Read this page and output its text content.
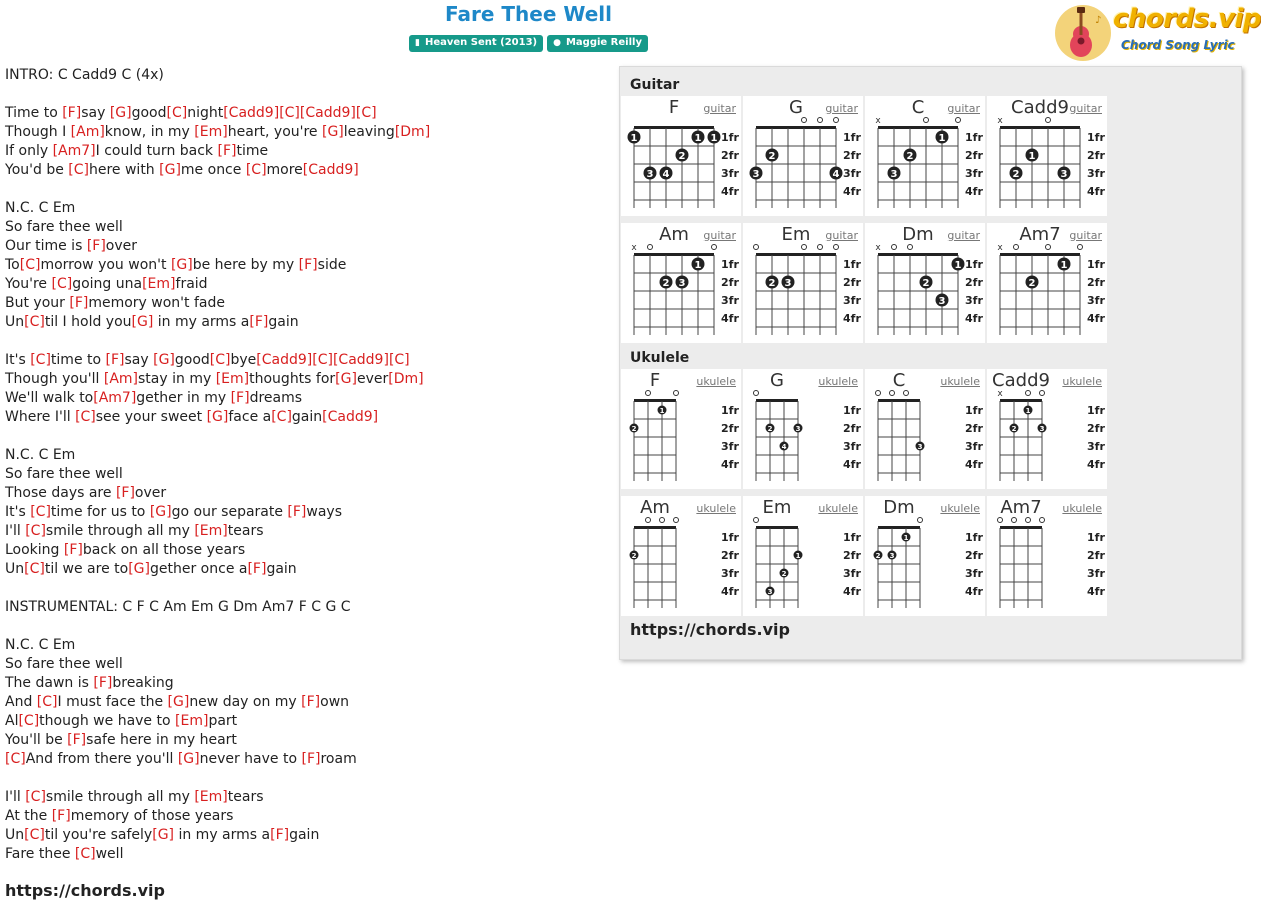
Fare Thee Well
▮ Heaven Sent (2013) ● Maggie Reilly
♪ chords.vip
Chord Song Lyric
INTRO: C Cadd9 C (4x)
Time to [F]say [G]good[C]night[Cadd9][C][Cadd9][C]
Though I [Am]know, in my [Em]heart, you're [G]leaving[Dm]
If only [Am7]I could turn back [F]time
You'd be [C]here with [G]me once [C]more[Cadd9]
N.C. C Em
So fare thee well
Our time is [F]over
To[C]morrow you won't [G]be here by my [F]side
You're [C]going una[Em]fraid
But your [F]memory won't fade
Un[C]til I hold you[G] in my arms a[F]gain
It's [C]time to [F]say [G]good[C]bye[Cadd9][C][Cadd9][C]
Though you'll [Am]stay in my [Em]thoughts for[G]ever[Dm]
We'll walk to[Am7]gether in my [F]dreams
Where I'll [C]see your sweet [G]face a[C]gain[Cadd9]
N.C. C Em
So fare thee well
Those days are [F]over
It's [C]time for us to [G]go our separate [F]ways
I'll [C]smile through all my [Em]tears
Looking [F]back on all those years
Un[C]til we are to[G]gether once a[F]gain
INSTRUMENTAL: C F C Am Em G Dm Am7 F C G C
N.C. C Em
So fare thee well
The dawn is [F]breaking
And [C]I must face the [G]new day on my [F]own
Al[C]though we have to [Em]part
You'll be [F]safe here in my heart
[C]And from there you'll [G]never have to [F]roam
I'll [C]smile through all my [Em]tears
At the [F]memory of those years
Un[C]til you're safely[G] in my arms a[F]gain
Fare thee [C]well
https://chords.vip
https://chords.vip
Guitar
1
3 4
2
1 1 1fr
2fr
3fr
4fr
F guitar
3
2
4
1fr
2fr
3fr
4fr
G guitar
x
3
2
1 1fr
2fr
3fr
4fr
C guitar
x
2
1
3
1fr
2fr
3fr
4fr
Cadd9 guitar
x
2 3
1 1fr
2fr
3fr
4fr
Am guitar
2 3
1fr
2fr
3fr
4fr
Em guitar
x
2
3
1 1fr
2fr
3fr
4fr
Dm guitar
x
2
1 1fr
2fr
3fr
4fr
Am7 guitar
Ukulele
2
1	1fr
2fr
3fr
4fr
F	ukulele
2
4
3
1fr
2fr
3fr
4fr
G	ukulele
3
1fr
2fr
3fr
4fr
C	ukulele
x
2
1
3
1fr
2fr
3fr
4fr
Cadd9 ukulele
2
1fr
2fr
3fr
4fr
Am ukulele
3
2
1
1fr
2fr
3fr
4fr
Em ukulele
2 3
1	1fr
2fr
3fr
4fr
Dm ukulele
1fr
2fr
3fr
4fr
Am7 ukulele
